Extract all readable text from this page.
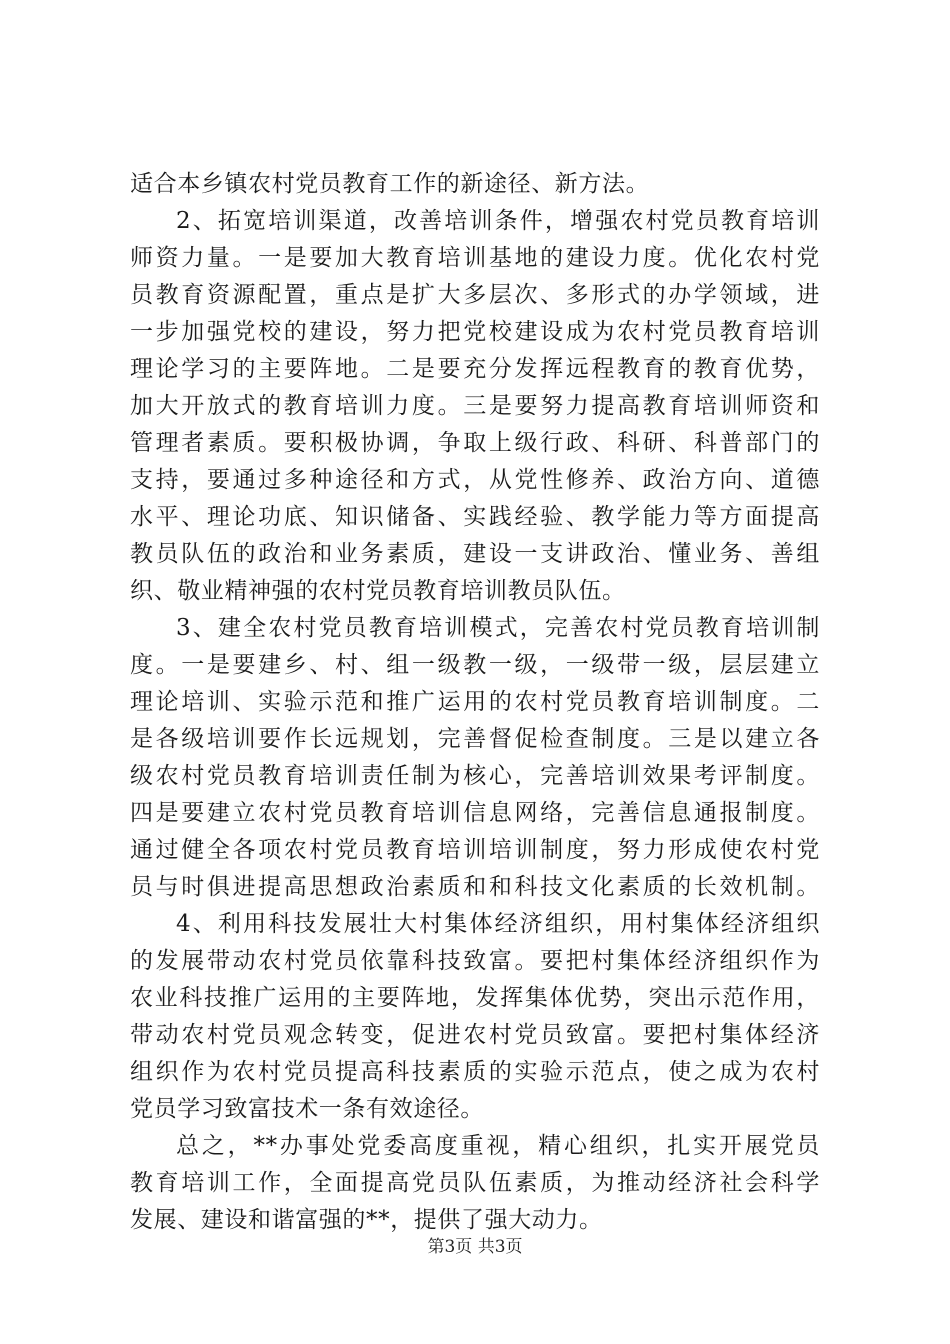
适合本乡镇农村党员教育工作的新途径、新方法。
2、拓宽培训渠道，改善培训条件，增强农村党员教育培训
师资力量。一是要加大教育培训基地的建设力度。优化农村党
员教育资源配置，重点是扩大多层次、多形式的办学领域，进
一步加强党校的建设，努力把党校建设成为农村党员教育培训
理论学习的主要阵地。二是要充分发挥远程教育的教育优势，
加大开放式的教育培训力度。三是要努力提高教育培训师资和
管理者素质。要积极协调，争取上级行政、科研、科普部门的
支持，要通过多种途径和方式，从党性修养、政治方向、道德
水平、理论功底、知识储备、实践经验、教学能力等方面提高
教员队伍的政治和业务素质，建设一支讲政治、懂业务、善组
织、敬业精神强的农村党员教育培训教员队伍。
3、建全农村党员教育培训模式，完善农村党员教育培训制
度。一是要建乡、村、组一级教一级，一级带一级，层层建立
理论培训、实验示范和推广运用的农村党员教育培训制度。二
是各级培训要作长远规划，完善督促检查制度。三是以建立各
级农村党员教育培训责任制为核心，完善培训效果考评制度。
四是要建立农村党员教育培训信息网络，完善信息通报制度。
通过健全各项农村党员教育培训培训制度，努力形成使农村党
员与时俱进提高思想政治素质和和科技文化素质的长效机制。
4、利用科技发展壮大村集体经济组织，用村集体经济组织
的发展带动农村党员依靠科技致富。要把村集体经济组织作为
农业科技推广运用的主要阵地，发挥集体优势，突出示范作用，
带动农村党员观念转变，促进农村党员致富。要把村集体经济
组织作为农村党员提高科技素质的实验示范点，使之成为农村
党员学习致富技术一条有效途径。
总之，**办事处党委高度重视，精心组织，扎实开展党员
教育培训工作，全面提高党员队伍素质，为推动经济社会科学
发展、建设和谐富强的**，提供了强大动力。
第3页 共3页
